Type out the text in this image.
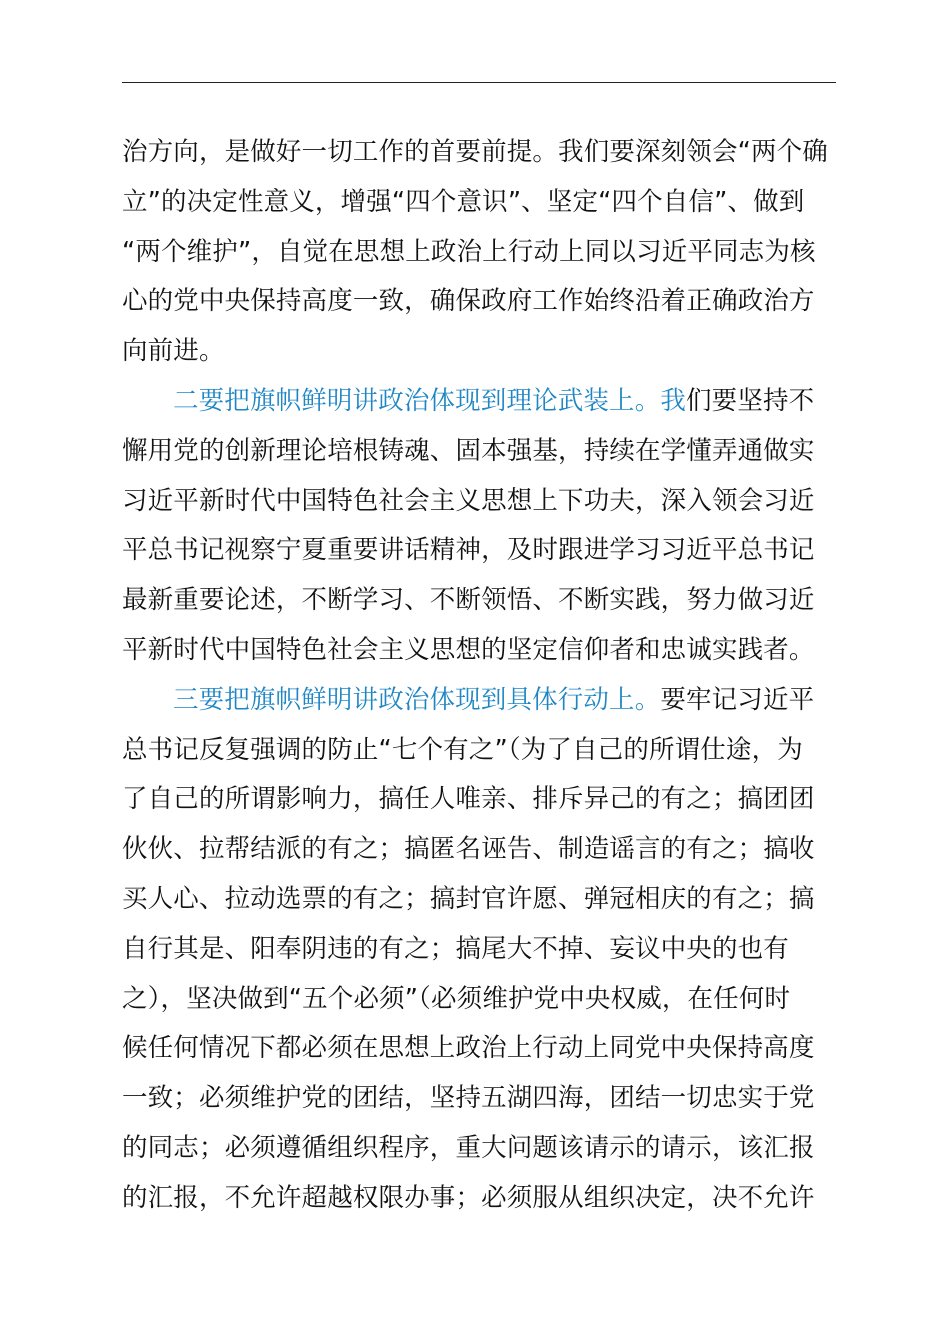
治方向，是做好一切工作的首要前提。我们要深刻领会“两个确
立”的决定性意义，增强“四个意识”、坚定“四个自信”、做到
“两个维护”，自觉在思想上政治上行动上同以习近平同志为核
心的党中央保持高度一致，确保政府工作始终沿着正确政治方
向前进。
二要把旗帜鲜明讲政治体现到理论武装上。我们要坚持不
懈用党的创新理论培根铸魂、固本强基，持续在学懂弄通做实
习近平新时代中国特色社会主义思想上下功夫，深入领会习近
平总书记视察宁夏重要讲话精神，及时跟进学习习近平总书记
最新重要论述，不断学习、不断领悟、不断实践，努力做习近
平新时代中国特色社会主义思想的坚定信仰者和忠诚实践者。
三要把旗帜鲜明讲政治体现到具体行动上。要牢记习近平
总书记反复强调的防止“七个有之”（为了自己的所谓仕途，为
了自己的所谓影响力，搞任人唯亲、排斥异己的有之；搞团团
伙伙、拉帮结派的有之；搞匿名诬告、制造谣言的有之；搞收
买人心、拉动选票的有之；搞封官许愿、弹冠相庆的有之；搞
自行其是、阳奉阴违的有之；搞尾大不掉、妄议中央的也有
之），坚决做到“五个必须”（必须维护党中央权威，在任何时
候任何情况下都必须在思想上政治上行动上同党中央保持高度
一致；必须维护党的团结，坚持五湖四海，团结一切忠实于党
的同志；必须遵循组织程序，重大问题该请示的请示，该汇报
的汇报，不允许超越权限办事；必须服从组织决定，决不允许
